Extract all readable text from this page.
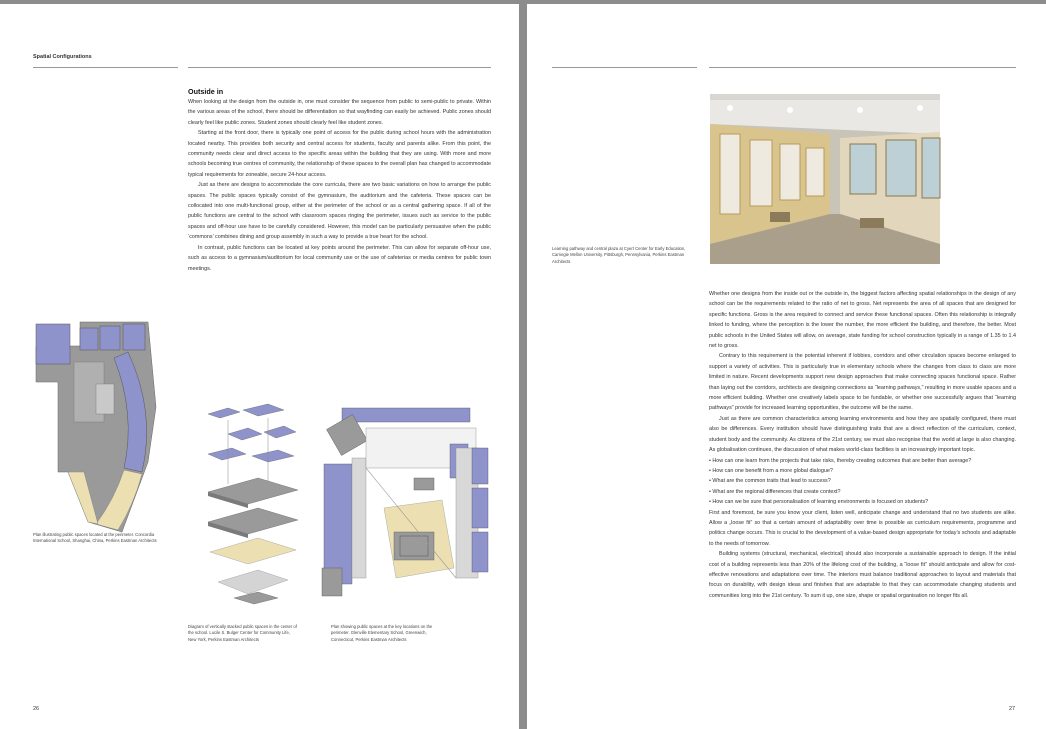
Spatial Configurations
Outside in

When looking at the design from the outside in, one must consider the sequence from public to semi-public to private. Within the various areas of the school, there should be differentiation so that wayfinding can easily be achieved. Public zones should clearly feel like public zones. Student zones should clearly feel like student zones.

Starting at the front door, there is typically one point of access for the public during school hours with the administration located nearby. This provides both security and central access for students, faculty and parents alike. From this point, the community needs clear and direct access to the specific areas within the building that they are using. With more and more schools becoming true centres of community, the relationship of these spaces to the overall plan has changed to accommodate typical requirements for zoneable, secure 24-hour access.

Just as there are designs to accommodate the core curricula, there are two basic variations on how to arrange the public spaces. The public spaces typically consist of the gymnasium, the auditorium and the cafeteria. These spaces can be collocated into one multi-functional group, either at the perimeter of the school or as a central gathering space. If all of the public functions are central to the school with classroom spaces ringing the perimeter, issues such as service to the public spaces and off-hour use have to be carefully considered. However, this model can be particularly persuasive when the public ‘commons’ combines dining and group assembly in such a way to provide a true heart for the school.

In contrast, public functions can be located at key points around the perimeter. This can allow for separate off-hour use, such as access to a gymnasium/auditorium for local community use or the use of cafeterias or media centres for public town meetings.

Plan illustrating public spaces located at the perimeter. Concordia International School, Shanghai, China, Perkins Eastman Architects
Diagram of vertically stacked public spaces in the center of the school. Lucile S. Bulger Center for Community Life, New York, Perkins Eastman Architects
Plan showing public spaces at the key locations on the perimeter. Glenville Elementary School, Greenwich, Connecticut, Perkins Eastman Architects
26
Learning pathway and central plaza at Cyert Center for Early Education, Carnegie Mellon University, Pittsburgh, Pennsylvania, Perkins Eastman Architects

Whether one designs from the inside out or the outside in, the biggest factors affecting spatial relationships in the design of any school can be the requirements related to the ratio of net to gross. Net represents the area of all spaces that are designed for specific functions. Gross is the area required to connect and service these functional spaces. Often this relationship is integrally linked to funding, where the perception is the lower the number, the more efficient the building, and therefore, the better. Most public schools in the United States will allow, on average, state funding for school construction typically in a range of 1.35 to 1.4 net to gross.

Contrary to this requirement is the potential inherent if lobbies, corridors and other circulation spaces become enlarged to support a variety of activities. This is particularly true in elementary schools where the changes from class to class are more limited in nature. Recent developments support new design approaches that make connecting spaces functional space. Rather than laying out the corridors, architects are designing connections as “learning pathways,” resulting in more usable spaces and a more efficient building. Whether one creatively labels space to be fundable, or whether one successfully argues that “learning pathways” provide for increased learning opportunities, the outcome will be the same.

Just as there are common characteristics among learning environments and how they are spatially configured, there must also be differences. Every institution should have distinguishing traits that are a direct reflection of the curriculum, context, student body and the community. As citizens of the 21st century, we must also recognise that the world at large is also changing. As globalisation continues, the discussion of what makes world-class facilities is an increasingly important topic.

• How can one learn from the projects that take risks, thereby creating outcomes that are better than average?
• How can one benefit from a more global dialogue?
• What are the common traits that lead to success?
• What are the regional differences that create context?
• How can we be sure that personalisation of learning environments is focused on students?

First and foremost, be sure you know your client, listen well, anticipate change and understand that no two students are alike. Allow a „loose fit” so that a certain amount of adaptability over time is possible as curriculum requirements, programme and politics change occurs. This is crucial to the development of a value-based design appropriate for today’s schools and adaptable to the needs of tomorrow.

Building systems (structural, mechanical, electrical) should also incorporate a sustainable approach to design. If the initial cost of a building represents less than 20% of the lifelong cost of the building, a “loose fit” should anticipate and allow for cost-effective renovations and adaptations over time. The interiors must balance traditional approaches to layout and materials that focus on durability, with design ideas and finishes that are adaptable to that they can accommodate changing students and communities long into the 21st century. To sum it up, one size, shape or spatial organisation no longer fits all.

27
